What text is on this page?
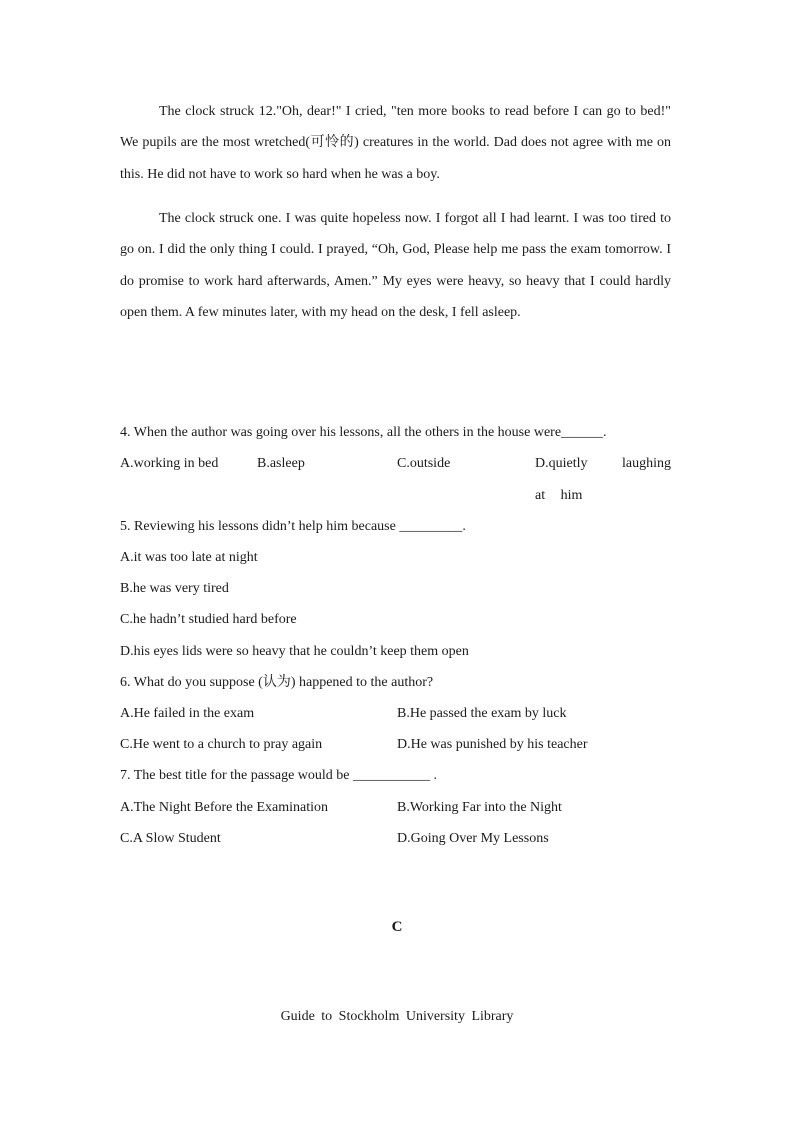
The clock struck 12."Oh, dear!" I cried, "ten more books to read before I can go to bed!" We pupils are the most wretched(可怜的) creatures in the world. Dad does not agree with me on this. He did not have to work so hard when he was a boy.

The clock struck one. I was quite hopeless now. I forgot all I had learnt. I was too tired to go on. I did the only thing I could. I prayed, “Oh, God, Please help me pass the exam tomorrow. I do promise to work hard afterwards, Amen.” My eyes were heavy, so heavy that I could hardly open them. A few minutes later, with my head on the desk, I fell asleep.

4. When the author was going over his lessons, all the others in the house were______.

A.working in bed	B.asleep	C.outside	D.quietly laughing at him

5. Reviewing his lessons didn’t help him because _________.

A.it was too late at night

B.he was very tired

C.he hadn’t studied hard before

D.his eyes lids were so heavy that he couldn’t keep them open

6. What do you suppose (认为) happened to the author?

A.He failed in the exam	B.He passed the exam by luck
C.He went to a church to pray again	D.He was punished by his teacher

7. The best title for the passage would be ___________ .

A.The Night Before the Examination	B.Working Far into the Night
C.A Slow Student	D.Going Over My Lessons
C
Guide to Stockholm University Library
